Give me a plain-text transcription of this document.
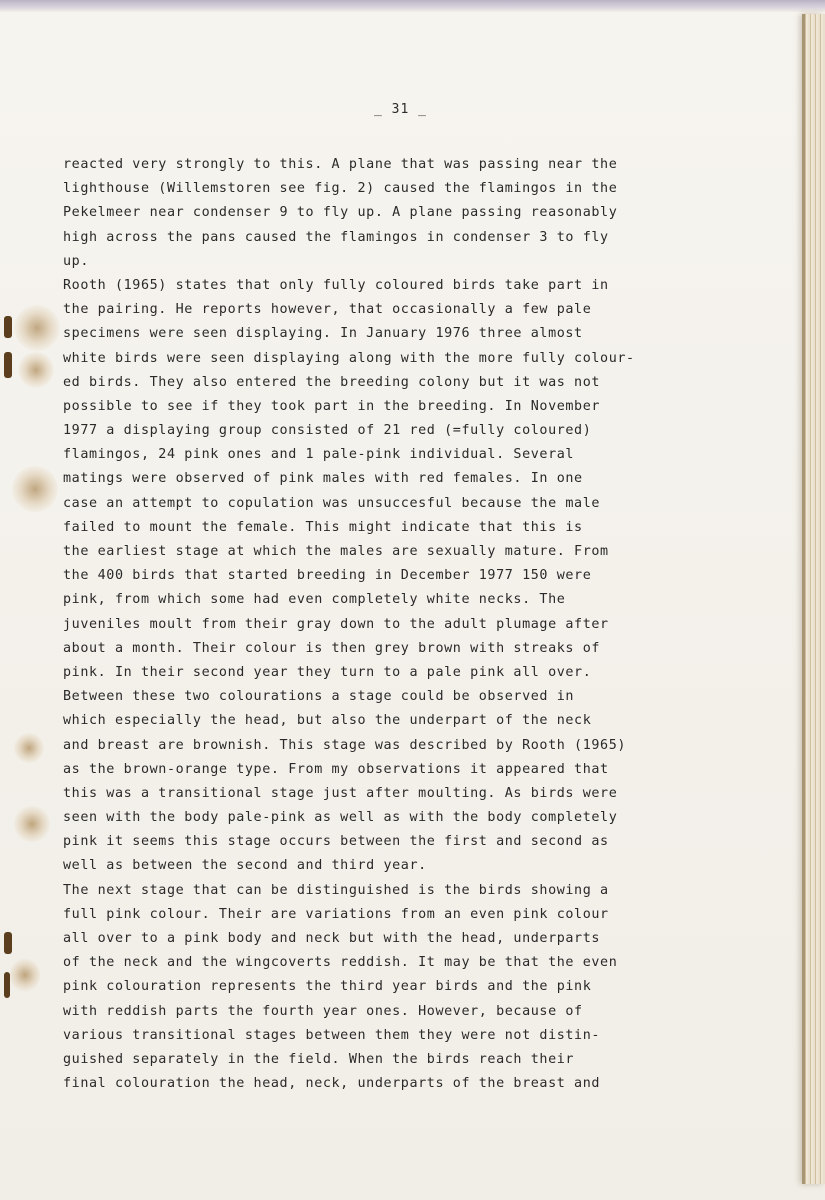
_ 31 _
reacted very strongly to this. A plane that was passing near the
lighthouse (Willemstoren see fig. 2) caused the flamingos in the
Pekelmeer near condenser 9 to fly up. A plane passing reasonably
high across the pans caused the flamingos in condenser 3 to fly
up.
Rooth (1965) states that only fully coloured birds take part in
the pairing. He reports however, that occasionally a few pale
specimens were seen displaying. In January 1976 three almost
white birds were seen displaying along with the more fully colour-
ed birds. They also entered the breeding colony but it was not
possible to see if they took part in the breeding. In November
1977 a displaying group consisted of 21 red (=fully coloured)
flamingos, 24 pink ones and 1 pale-pink individual. Several
matings were observed of pink males with red females. In one
case an attempt to copulation was unsuccesful because the male
failed to mount the female. This might indicate that this is
the earliest stage at which the males are sexually mature. From
the 400 birds that started breeding in December 1977 150 were
pink, from which some had even completely white necks. The
juveniles moult from their gray down to the adult plumage after
about a month. Their colour is then grey brown with streaks of
pink. In their second year they turn to a pale pink all over.
Between these two colourations a stage could be observed in
which especially the head, but also the underpart of the neck
and breast are brownish. This stage was described by Rooth (1965)
as the brown-orange type. From my observations it appeared that
this was a transitional stage just after moulting. As birds were
seen with the body pale-pink as well as with the body completely
pink it seems this stage occurs between the first and second as
well as between the second and third year.
The next stage that can be distinguished is the birds showing a
full pink colour. Their are variations from an even pink colour
all over to a pink body and neck but with the head, underparts
of the neck and the wingcoverts reddish. It may be that the even
pink colouration represents the third year birds and the pink
with reddish parts the fourth year ones. However, because of
various transitional stages between them they were not distin-
guished separately in the field. When the birds reach their
final colouration the head, neck, underparts of the breast and
